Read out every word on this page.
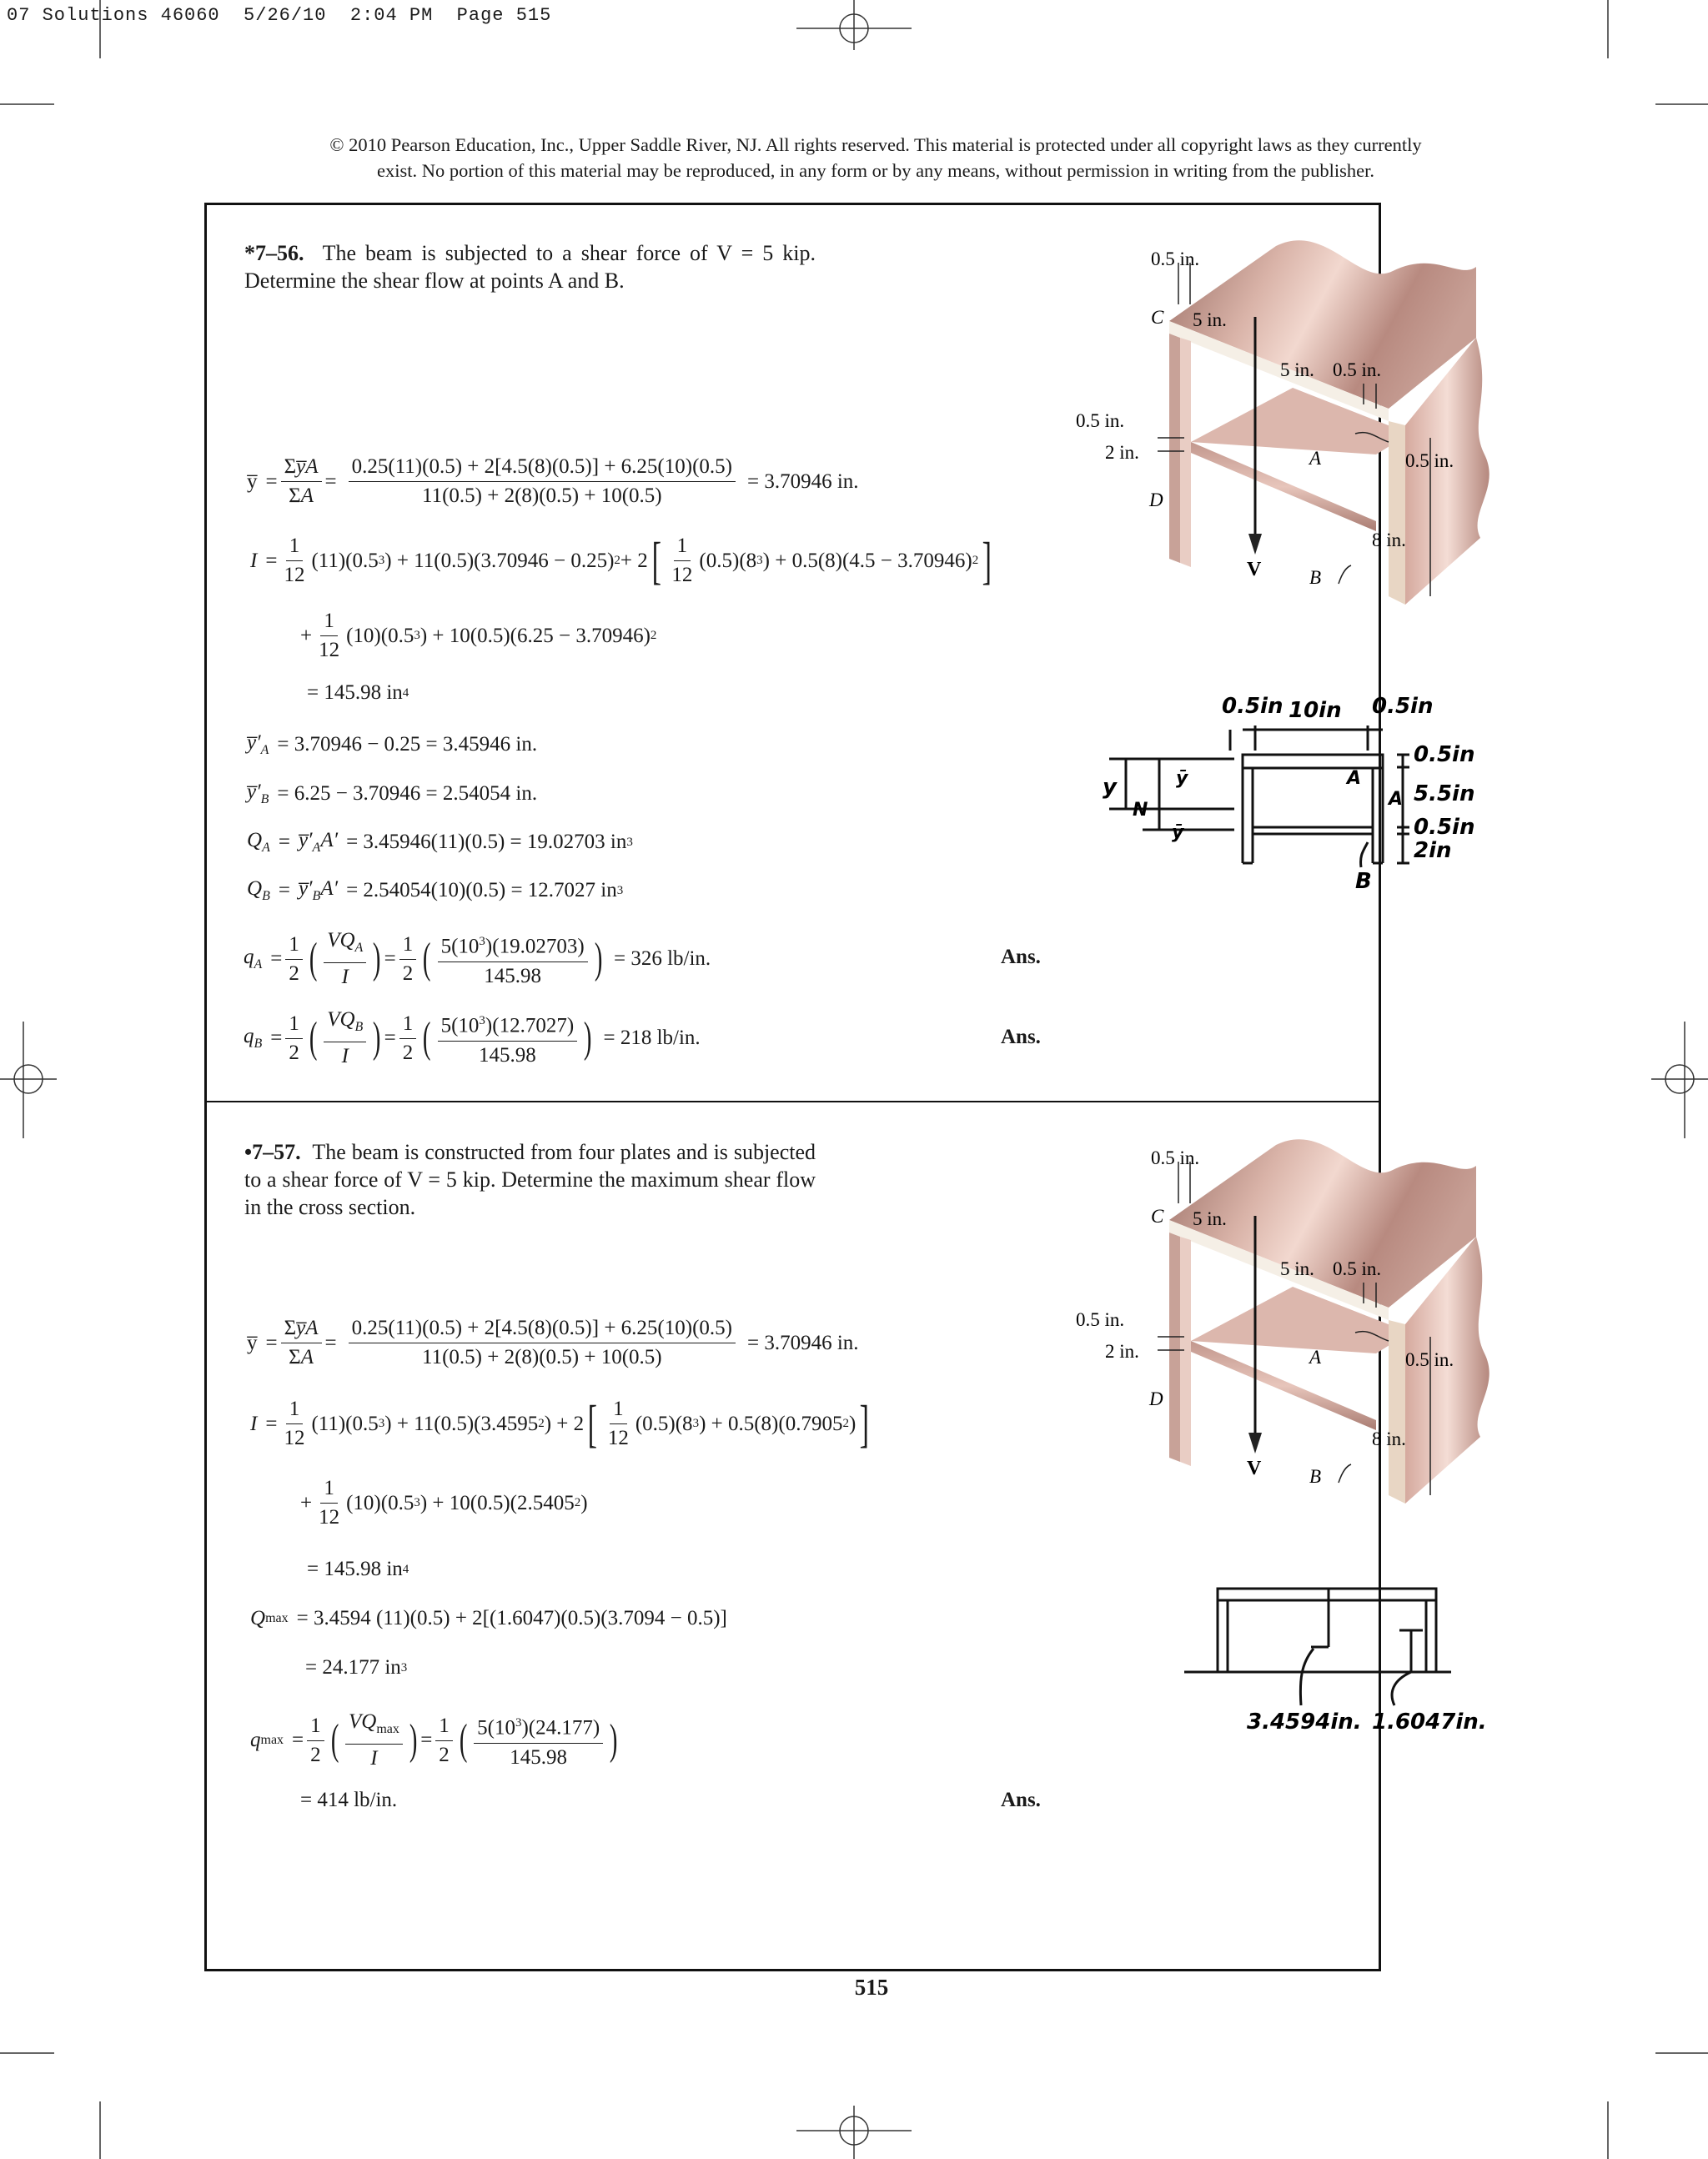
07 Solutions 46060  5/26/10  2:04 PM  Page 515
© 2010 Pearson Education, Inc., Upper Saddle River, NJ. All rights reserved. This material is protected under all copyright laws as they currently
exist. No portion of this material may be reproduced, in any form or by any means, without permission in writing from the publisher.
*7–56. The beam is subjected to a shear force of V = 5 kip. Determine the shear flow at points A and B.
y̅ = $\frac{\Sigma y̅A}{\Sigma A} = \frac{0.25(11)(0.5) + 2[4.5(8)(0.5)] + 6.25(10)(0.5)}{11(0.5) + 2(8)(0.5) + 10(0.5)} = 3.70946$ in.
$I = \frac{1}{12} (11)(0.5$ 3 ) + 11(0.5)(3.70946 − 0.25) 2 + 2 [ $\frac{1}{12} (0.5)(8$ 3 ) + 0.5(8)(4.5 − 3.70946) 2 ]
+ $\frac{1}{12} (10)(0.5$ 3 ) + 10(0.5)(6.25 − 3.70946) 2
= 145.98 in 4
$y̅'_A = 3.70946 - 0.25 = 3.45946$ in.
$y̅'_B = 6.25 - 3.70946 = 2.54054$ in.
$Q_A$ = $y̅'_AA' = 3.45946(11)(0.5) = 19.02703$ in 3
$Q_B$ = $y̅'_BA' = 2.54054(10)(0.5) = 12.7027$ in 3
$q_A = \frac{1}{2}$ ( $\frac{VQ_A}{I}$ ) = $\frac{1}{2}$ ( $\frac{5(10^3)(19.02703)}{145.98}$ ) = 326 lb/in.	Ans.
$q_B = \frac{1}{2}$ ( $\frac{VQ_B}{I}$ ) = $\frac{1}{2}$ ( $\frac{5(10^3)(12.7027)}{145.98}$ ) = 218 lb/in.	Ans.
0.5 in.
C 5 in.
5 in. 0.5 in.
0.5 in.
2 in.	A	0.5 in.
D
8 in.
V	B
0.5in 10in 0.5in
0.5in
5.5in
0.5in
2in
y
N
ȳ
ȳ
A
A
B
•7–57. The beam is constructed from four plates and is subjected to a shear force of V = 5 kip. Determine the maximum shear flow in the cross section.
y̅ = $\frac{\Sigma y̅A}{\Sigma A} = \frac{0.25(11)(0.5) + 2[4.5(8)(0.5)] + 6.25(10)(0.5)}{11(0.5) + 2(8)(0.5) + 10(0.5)} = 3.70946$ in.
$I = \frac{1}{12} (11)(0.5$ 3 ) + 11(0.5)(3.4595 2 ) + 2 [ $\frac{1}{12} (0.5)(8$ 3 ) + 0.5(8)(0.7905 2 ) ]
+ $\frac{1}{12} (10)(0.5$ 3 ) + 10(0.5)(2.5405 2 )
= 145.98 in 4
Q max = 3.4594 (11)(0.5) + 2[(1.6047)(0.5)(3.7094 − 0.5)]
= 24.177 in 3
q $\max = \frac{1}{2}$ ( $\frac{VQ_{max}}{I}$ ) = $\frac{1}{2}$ ( $\frac{5(10^3)(24.177)}{145.98}$ )
= 414 lb/in.	Ans.
0.5 in.
C 5 in.
5 in. 0.5 in.
0.5 in.
2 in.	A	0.5 in.
D
8 in.
V	B
3.4594in. 1.6047in.
515
